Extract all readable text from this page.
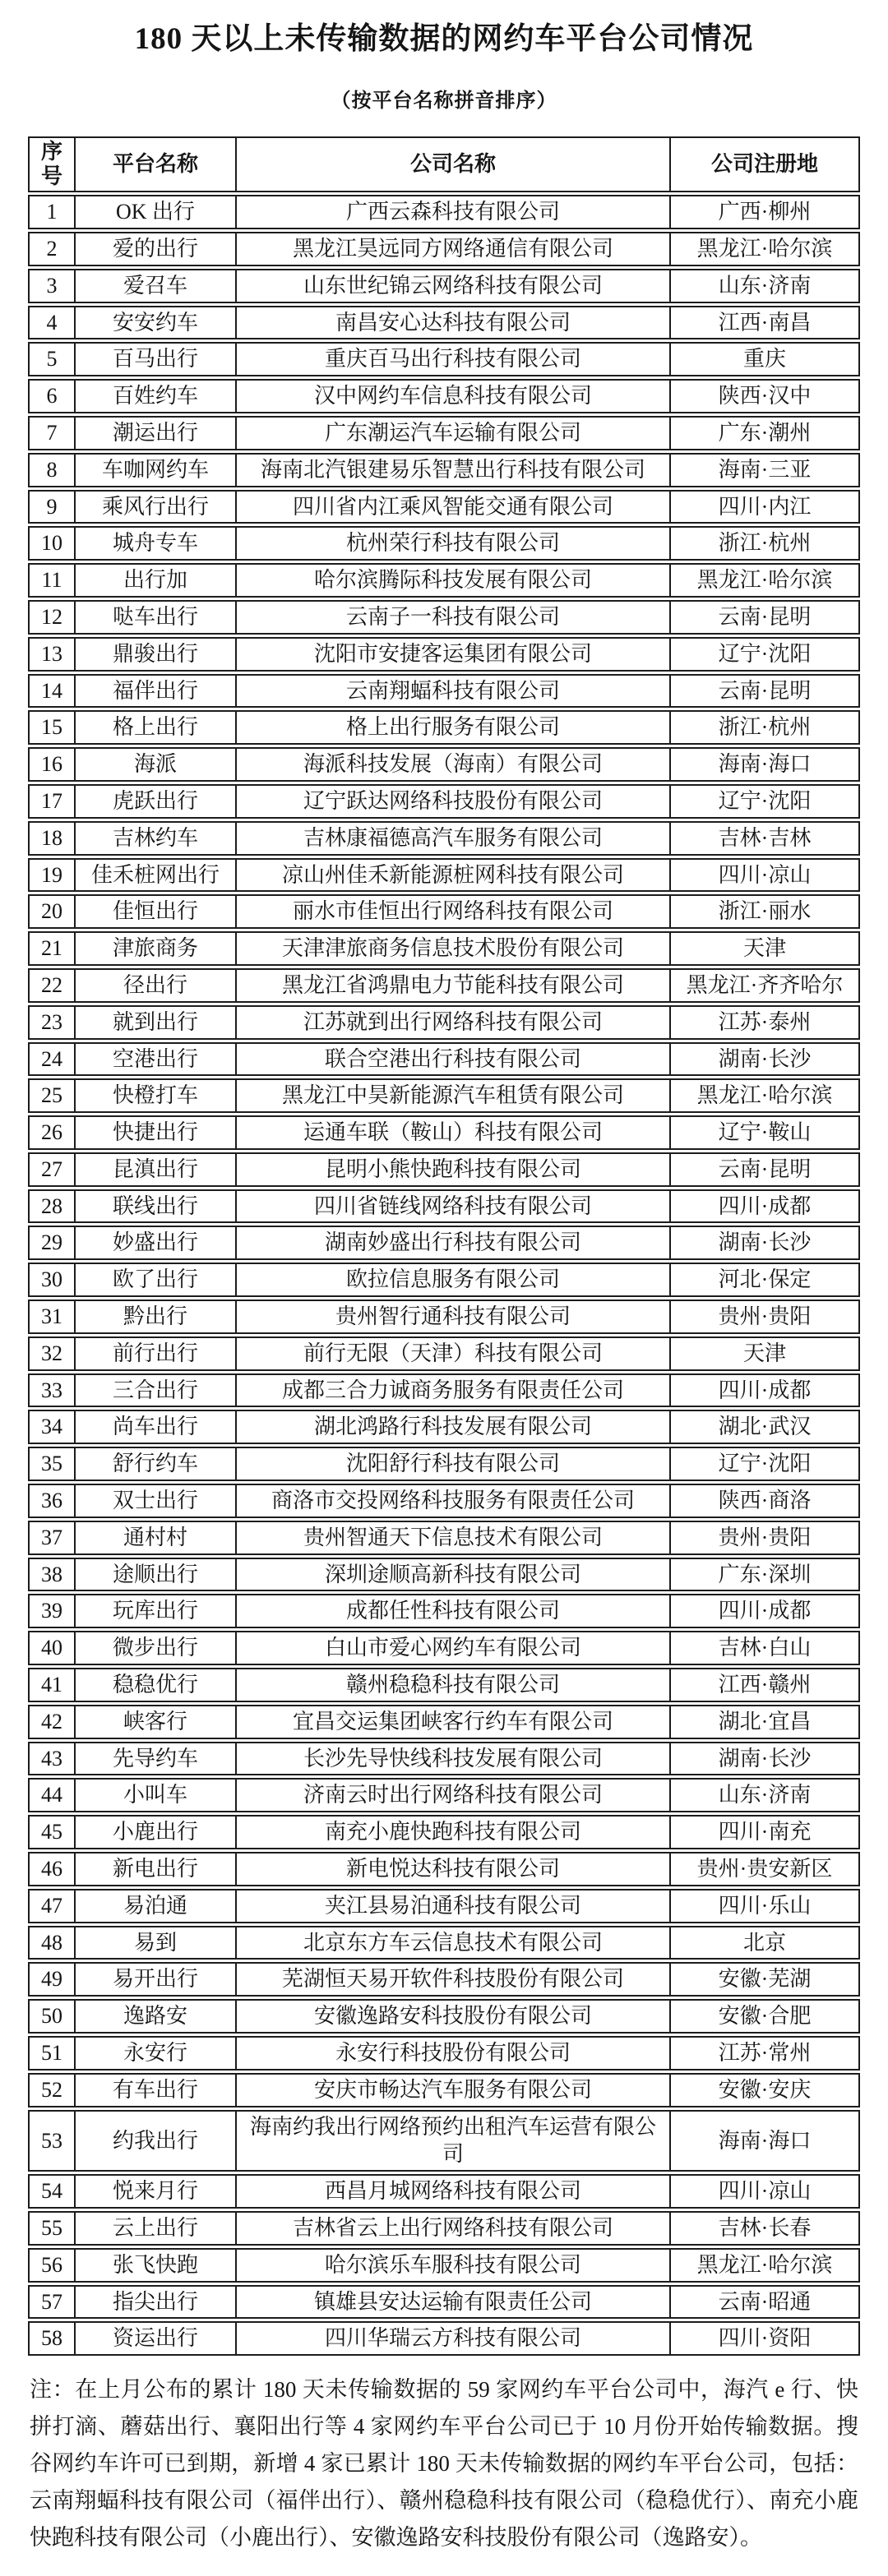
180 天以上未传输数据的网约车平台公司情况
（按平台名称拼音排序）
序号	平台名称	公司名称	公司注册地
1	OK 出行	广西云森科技有限公司	广西·柳州
2	爱的出行	黑龙江昊远同方网络通信有限公司	黑龙江·哈尔滨
3	爱召车	山东世纪锦云网络科技有限公司	山东·济南
4	安安约车	南昌安心达科技有限公司	江西·南昌
5	百马出行	重庆百马出行科技有限公司	重庆
6	百姓约车	汉中网约车信息科技有限公司	陕西·汉中
7	潮运出行	广东潮运汽车运输有限公司	广东·潮州
8	车咖网约车	海南北汽银建易乐智慧出行科技有限公司	海南·三亚
9	乘风行出行	四川省内江乘风智能交通有限公司	四川·内江
10	城舟专车	杭州荣行科技有限公司	浙江·杭州
11	出行加	哈尔滨腾际科技发展有限公司	黑龙江·哈尔滨
12	哒车出行	云南子一科技有限公司	云南·昆明
13	鼎骏出行	沈阳市安捷客运集团有限公司	辽宁·沈阳
14	福伴出行	云南翔蝠科技有限公司	云南·昆明
15	格上出行	格上出行服务有限公司	浙江·杭州
16	海派	海派科技发展（海南）有限公司	海南·海口
17	虎跃出行	辽宁跃达网络科技股份有限公司	辽宁·沈阳
18	吉林约车	吉林康福德高汽车服务有限公司	吉林·吉林
19	佳禾桩网出行	凉山州佳禾新能源桩网科技有限公司	四川·凉山
20	佳恒出行	丽水市佳恒出行网络科技有限公司	浙江·丽水
21	津旅商务	天津津旅商务信息技术股份有限公司	天津
22	径出行	黑龙江省鸿鼎电力节能科技有限公司	黑龙江·齐齐哈尔
23	就到出行	江苏就到出行网络科技有限公司	江苏·泰州
24	空港出行	联合空港出行科技有限公司	湖南·长沙
25	快橙打车	黑龙江中昊新能源汽车租赁有限公司	黑龙江·哈尔滨
26	快捷出行	运通车联（鞍山）科技有限公司	辽宁·鞍山
27	昆滇出行	昆明小熊快跑科技有限公司	云南·昆明
28	联线出行	四川省链线网络科技有限公司	四川·成都
29	妙盛出行	湖南妙盛出行科技有限公司	湖南·长沙
30	欧了出行	欧拉信息服务有限公司	河北·保定
31	黔出行	贵州智行通科技有限公司	贵州·贵阳
32	前行出行	前行无限（天津）科技有限公司	天津
33	三合出行	成都三合力诚商务服务有限责任公司	四川·成都
34	尚车出行	湖北鸿路行科技发展有限公司	湖北·武汉
35	舒行约车	沈阳舒行科技有限公司	辽宁·沈阳
36	双士出行	商洛市交投网络科技服务有限责任公司	陕西·商洛
37	通村村	贵州智通天下信息技术有限公司	贵州·贵阳
38	途顺出行	深圳途顺高新科技有限公司	广东·深圳
39	玩库出行	成都任性科技有限公司	四川·成都
40	微步出行	白山市爱心网约车有限公司	吉林·白山
41	稳稳优行	赣州稳稳科技有限公司	江西·赣州
42	峡客行	宜昌交运集团峡客行约车有限公司	湖北·宜昌
43	先导约车	长沙先导快线科技发展有限公司	湖南·长沙
44	小叫车	济南云时出行网络科技有限公司	山东·济南
45	小鹿出行	南充小鹿快跑科技有限公司	四川·南充
46	新电出行	新电悦达科技有限公司	贵州·贵安新区
47	易泊通	夹江县易泊通科技有限公司	四川·乐山
48	易到	北京东方车云信息技术有限公司	北京
49	易开出行	芜湖恒天易开软件科技股份有限公司	安徽·芜湖
50	逸路安	安徽逸路安科技股份有限公司	安徽·合肥
51	永安行	永安行科技股份有限公司	江苏·常州
52	有车出行	安庆市畅达汽车服务有限公司	安徽·安庆
53	约我出行	海南约我出行网络预约出租汽车运营有限公司	海南·海口
54	悦来月行	西昌月城网络科技有限公司	四川·凉山
55	云上出行	吉林省云上出行网络科技有限公司	吉林·长春
56	张飞快跑	哈尔滨乐车服科技有限公司	黑龙江·哈尔滨
57	指尖出行	镇雄县安达运输有限责任公司	云南·昭通
58	资运出行	四川华瑞云方科技有限公司	四川·资阳

注：在上月公布的累计 180 天未传输数据的 59 家网约车平台公司中，海汽 e 行、快拼打滴、蘑菇出行、襄阳出行等 4 家网约车平台公司已于 10 月份开始传输数据。搜谷网约车许可已到期，新增 4 家已累计 180 天未传输数据的网约车平台公司，包括：云南翔蝠科技有限公司（福伴出行）、赣州稳稳科技有限公司（稳稳优行）、南充小鹿快跑科技有限公司（小鹿出行）、安徽逸路安科技股份有限公司（逸路安）。
